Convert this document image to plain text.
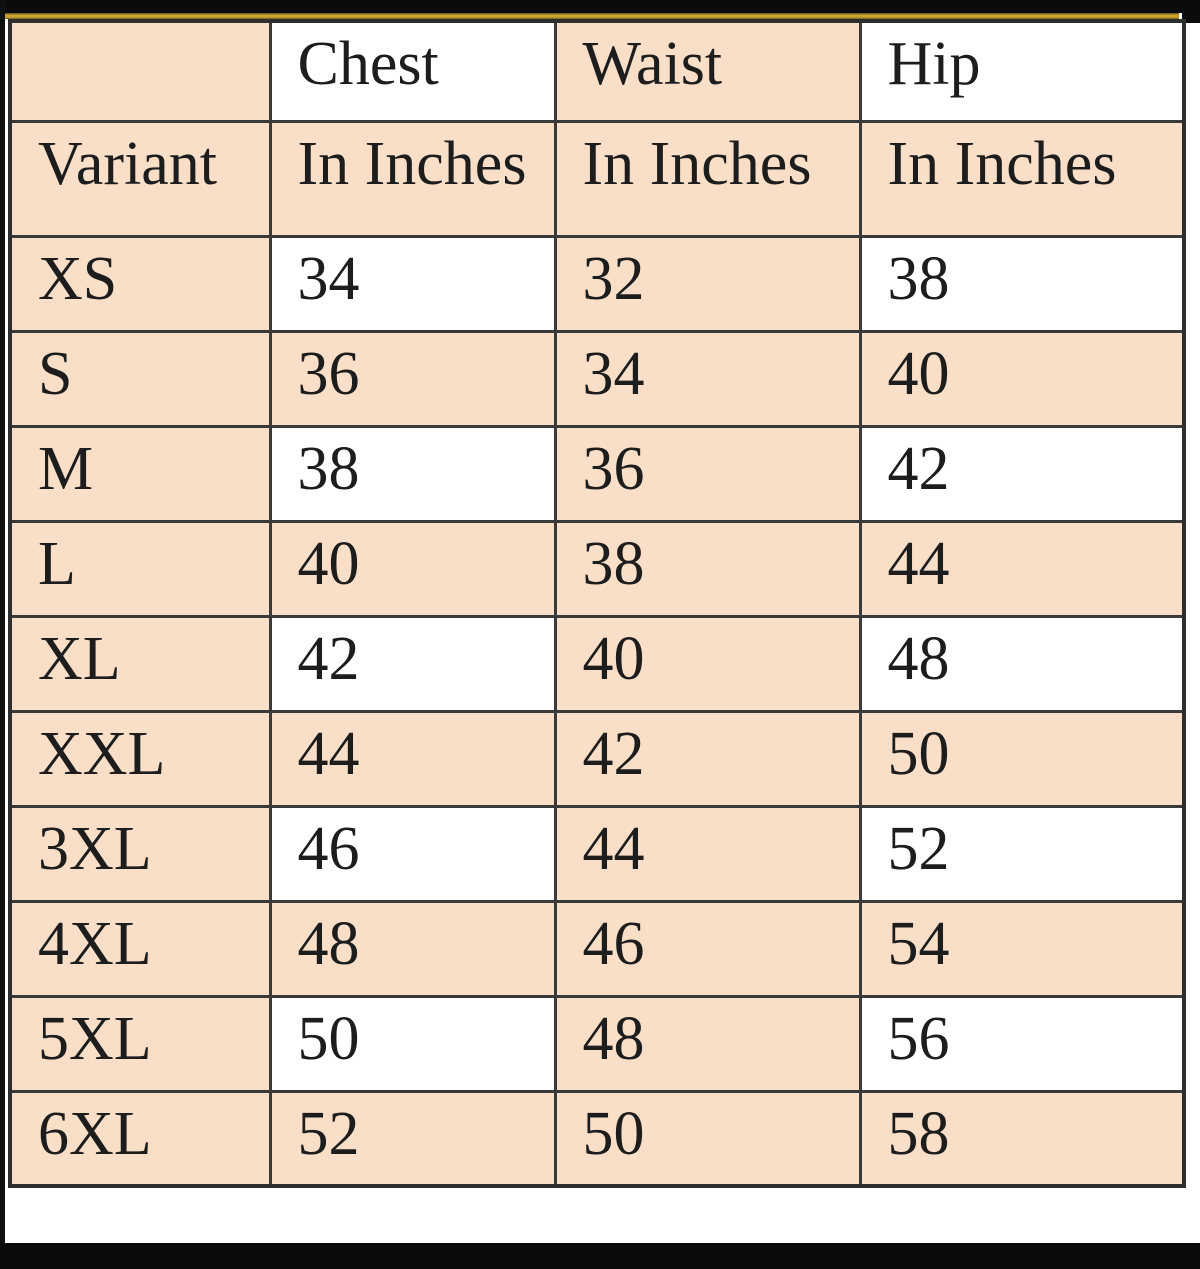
	Chest	Waist	Hip
Variant	In Inches	In Inches	In Inches
XS	34	32	38
S	36	34	40
M	38	36	42
L	40	38	44
XL	42	40	48
XXL	44	42	50
3XL	46	44	52
4XL	48	46	54
5XL	50	48	56
6XL	52	50	58
